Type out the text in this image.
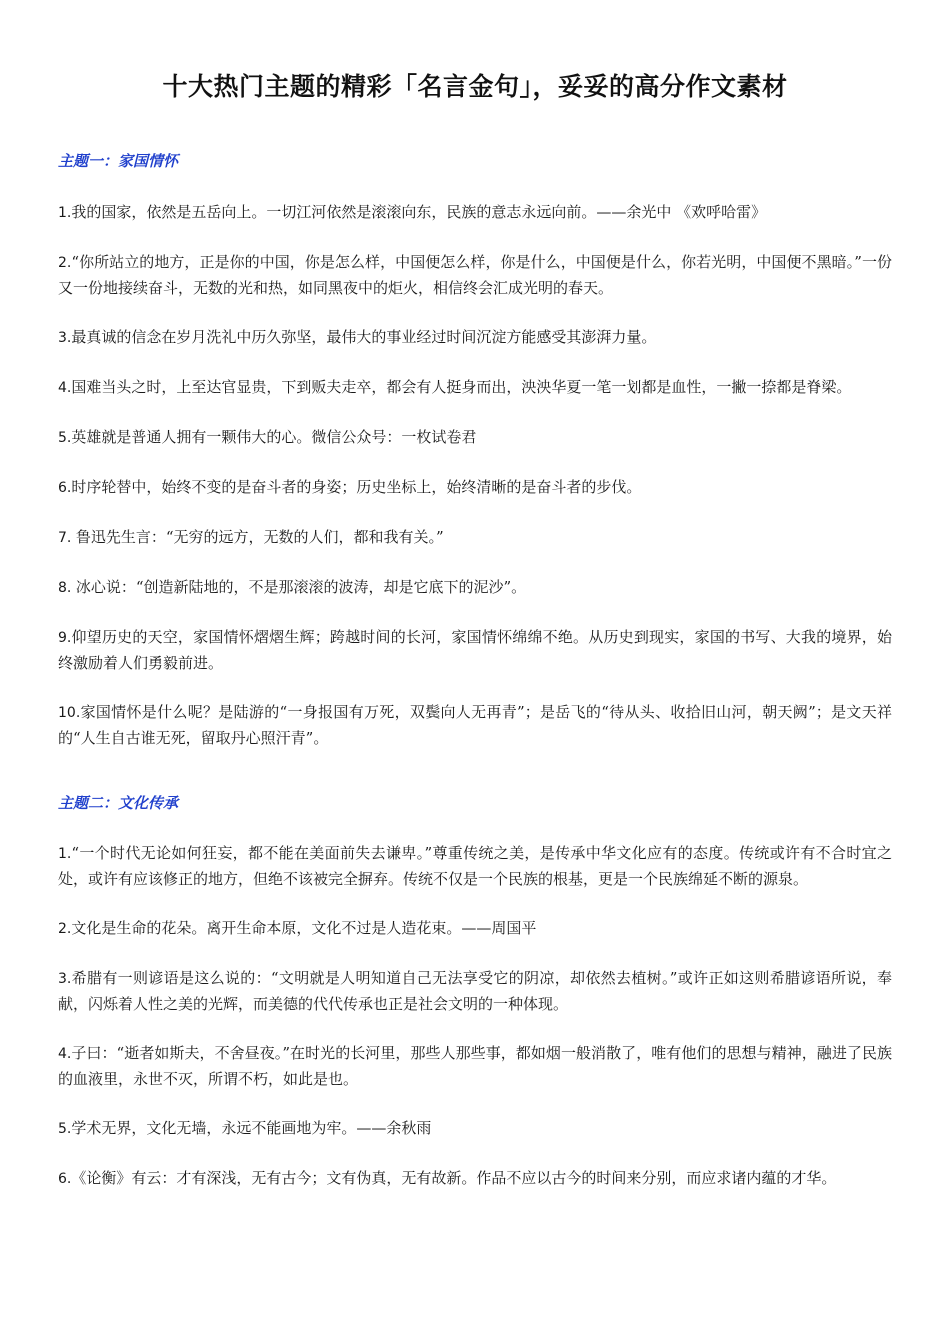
十大热门主题的精彩「名言金句」，妥妥的高分作文素材
主题一：家国情怀
1.我的国家，依然是五岳向上。一切江河依然是滚滚向东，民族的意志永远向前。——余光中 《欢呼哈雷》
2.“你所站立的地方，正是你的中国，你是怎么样，中国便怎么样，你是什么，中国便是什么，你若光明，中国便不黑暗。”一份又一份地接续奋斗，无数的光和热，如同黑夜中的炬火，相信终会汇成光明的春天。
3.最真诚的信念在岁月洗礼中历久弥坚，最伟大的事业经过时间沉淀方能感受其澎湃力量。
4.国难当头之时，上至达官显贵，下到贩夫走卒，都会有人挺身而出，泱泱华夏一笔一划都是血性，一撇一捺都是脊梁。
5.英雄就是普通人拥有一颗伟大的心。微信公众号：一枚试卷君
6.时序轮替中，始终不变的是奋斗者的身姿；历史坐标上，始终清晰的是奋斗者的步伐。
7. 鲁迅先生言：“无穷的远方，无数的人们，都和我有关。”
8. 冰心说：“创造新陆地的，不是那滚滚的波涛，却是它底下的泥沙”。
9.仰望历史的天空，家国情怀熠熠生辉；跨越时间的长河，家国情怀绵绵不绝。从历史到现实，家国的书写、大我的境界，始终激励着人们勇毅前进。
10.家国情怀是什么呢？是陆游的“一身报国有万死，双鬓向人无再青”；是岳飞的“待从头、收拾旧山河，朝天阙”；是文天祥的“人生自古谁无死，留取丹心照汗青”。
主题二：文化传承
1.“一个时代无论如何狂妄，都不能在美面前失去谦卑。”尊重传统之美，是传承中华文化应有的态度。传统或许有不合时宜之处，或许有应该修正的地方，但绝不该被完全摒弃。传统不仅是一个民族的根基，更是一个民族绵延不断的源泉。
2.文化是生命的花朵。离开生命本原，文化不过是人造花束。——周国平
3.希腊有一则谚语是这么说的：“文明就是人明知道自己无法享受它的阴凉，却依然去植树。”或许正如这则希腊谚语所说，奉献，闪烁着人性之美的光辉，而美德的代代传承也正是社会文明的一种体现。
4.子曰：“逝者如斯夫，不舍昼夜。”在时光的长河里，那些人那些事，都如烟一般消散了，唯有他们的思想与精神，融进了民族的血液里，永世不灭，所谓不朽，如此是也。
5.学术无界，文化无墙，永远不能画地为牢。——余秋雨
6.《论衡》有云：才有深浅，无有古今；文有伪真，无有故新。作品不应以古今的时间来分别，而应求诸内蕴的才华。
